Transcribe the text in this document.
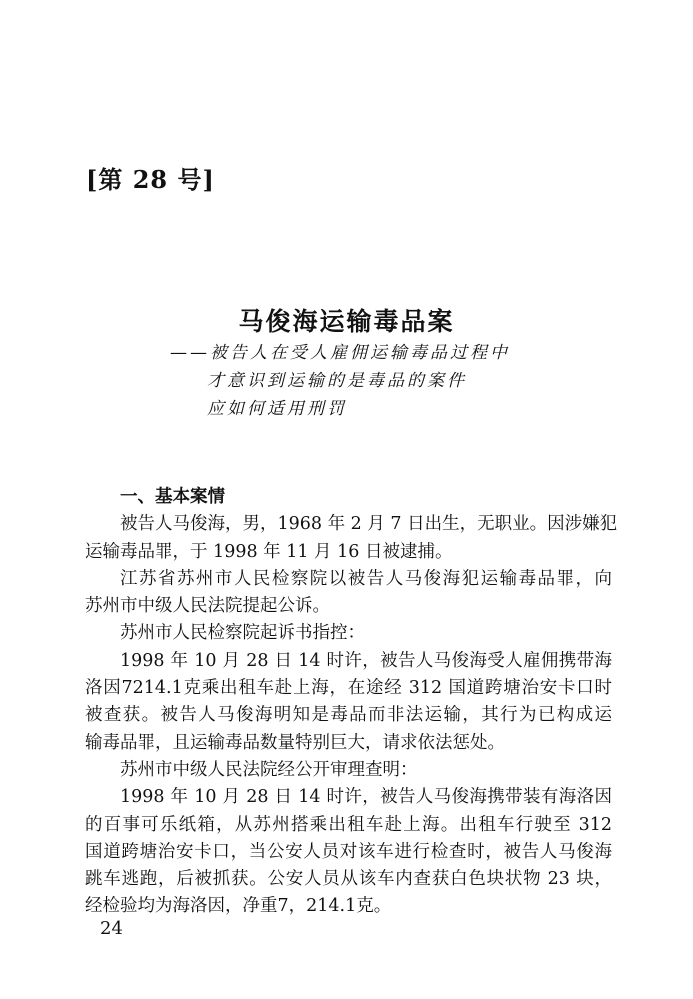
[第 28 号]
马俊海运输毒品案
——被告人在受人雇佣运输毒品过程中
才意识到运输的是毒品的案件
应如何适用刑罚
一、基本案情
被告人马俊海，男，1968 年 2 月 7 日出生，无职业。因涉嫌犯
运输毒品罪，于 1998 年 11 月 16 日被逮捕。
江苏省苏州市人民检察院以被告人马俊海犯运输毒品罪，向
苏州市中级人民法院提起公诉。
苏州市人民检察院起诉书指控：
1998 年 10 月 28 日 14 时许，被告人马俊海受人雇佣携带海
洛因7214.1克乘出租车赴上海，在途经 312 国道跨塘治安卡口时
被查获。被告人马俊海明知是毒品而非法运输，其行为已构成运
输毒品罪，且运输毒品数量特别巨大，请求依法惩处。
苏州市中级人民法院经公开审理查明：
1998 年 10 月 28 日 14 时许，被告人马俊海携带装有海洛因
的百事可乐纸箱，从苏州搭乘出租车赴上海。出租车行驶至 312
国道跨塘治安卡口，当公安人员对该车进行检查时，被告人马俊海
跳车逃跑，后被抓获。公安人员从该车内查获白色块状物 23 块，
经检验均为海洛因，净重7，214.1克。
24
